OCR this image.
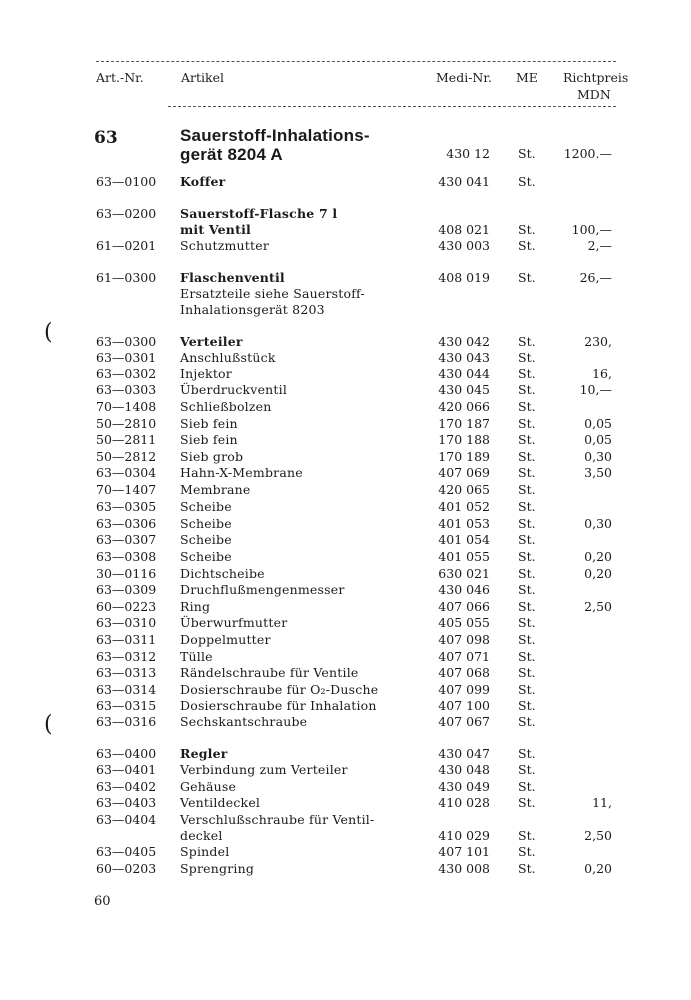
Art.-Nr.	Artikel	Medi-Nr. ME Richtpreis
MDN
63	Sauerstoff-Inhalations-
gerät 8204 A	430 12 St. 1200.—
63—0100 Koffer	430 041 St.
63—0200 Sauerstoff-Flasche 7 l
mit Ventil	408 021 St.	100,—
61—0201 Schutzmutter	430 003 St.	2,—
61—0300 Flaschenventil	408 019 St.	26,—
Ersatzteile siehe Sauerstoff-
Inhalationsgerät 8203
63—0300 Verteiler	430 042 St.	230,
63—0301 Anschlußstück	430 043 St.
63—0302 Injektor	430 044 St.	16,
63—0303 Überdruckventil	430 045 St.	10,—
70—1408 Schließbolzen	420 066 St.
50—2810 Sieb fein	170 187 St.	0,05
50—2811 Sieb fein	170 188 St.	0,05
50—2812 Sieb grob	170 189 St.	0,30
63—0304 Hahn-X-Membrane	407 069 St.	3,50
70—1407 Membrane	420 065 St.
63—0305 Scheibe	401 052 St.
63—0306 Scheibe	401 053 St.	0,30
63—0307 Scheibe	401 054 St.
63—0308 Scheibe	401 055 St.	0,20
30—0116 Dichtscheibe	630 021 St.	0,20
63—0309 Druchflußmengenmesser	430 046 St.
60—0223 Ring	407 066 St.	2,50
63—0310 Überwurfmutter	405 055 St.
63—0311 Doppelmutter	407 098 St.
63—0312 Tülle	407 071 St.
63—0313 Rändelschraube für Ventile	407 068 St.
63—0314 Dosierschraube für O₂-Dusche	407 099 St.
63—0315 Dosierschraube für Inhalation	407 100 St.
63—0316 Sechskantschraube	407 067 St.
63—0400 Regler	430 047 St.
63—0401 Verbindung zum Verteiler	430 048 St.
63—0402 Gehäuse	430 049 St.
63—0403 Ventildeckel	410 028 St.	11,
63—0404 Verschlußschraube für Ventil-
deckel	410 029 St.	2,50
63—0405 Spindel	407 101 St.
60—0203 Sprengring	430 008 St.	0,20
(
(
60
